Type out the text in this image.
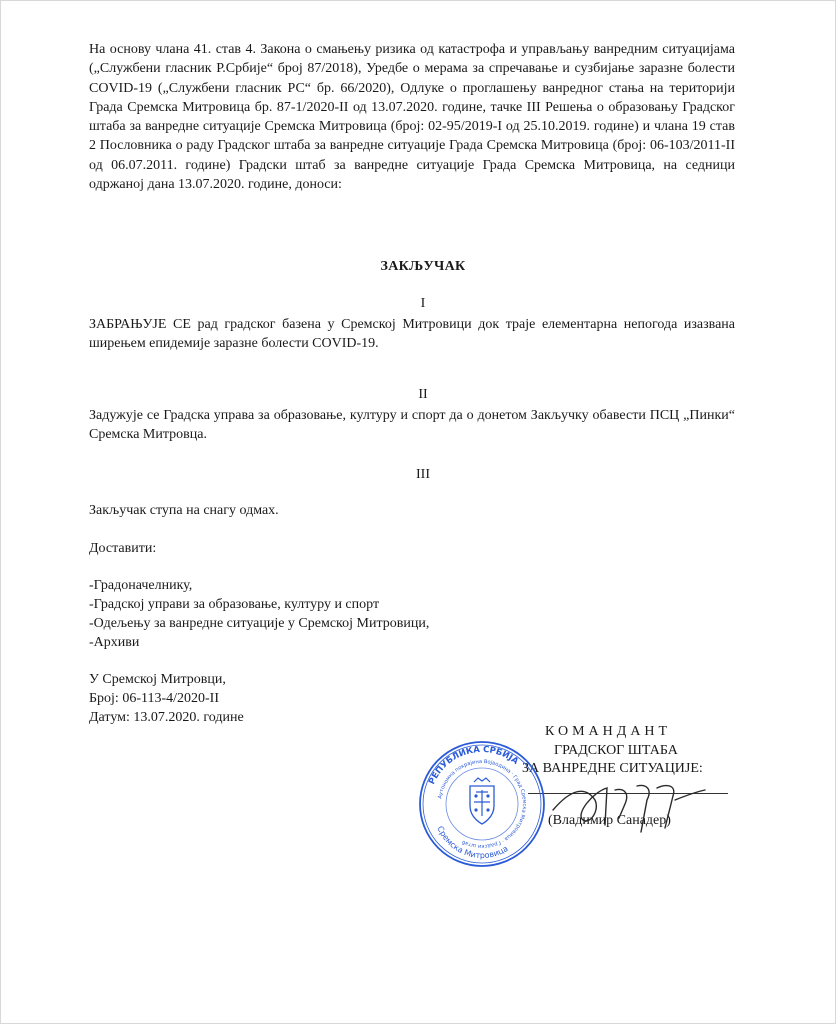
На основу члана 41. став 4. Закона о смањењу ризика од катастрофа и управљању ванредним ситуацијама („Службени гласник Р.Србије“ број 87/2018), Уредбе о мерама за спречавање и сузбијање заразне болести COVID-19 („Службени гласник РС“ бр. 66/2020), Одлуке о проглашењу ванредног стања на територији Града Сремска Митровица бр. 87-1/2020-II од 13.07.2020. године, тачке III Решења о образовању Градског штаба за ванредне ситуације Сремска Митровица (број: 02-95/2019-I од 25.10.2019. године) и члана 19 став 2 Пословника о раду Градског штаба за ванредне ситуације Града Сремска Митровица (број: 06-103/2011-II од 06.07.2011. године) Градски штаб за ванредне ситуације Града Сремска Митровица, на седници одржаној дана 13.07.2020. године, доноси:
ЗАКЉУЧАК
I
ЗАБРАЊУЈЕ СЕ рад градског базена у Сремској Митровици док траје елементарна непогода изазвана ширењем епидемије заразне болести COVID-19.
II
Задужује се Градска управа за образовање, културу и спорт да о донетом Закључку обавести ПСЦ „Пинки“ Сремска Митровца.
III
Закључак ступа на снагу одмах.
Доставити:
-Градоначелнику,
-Градској управи за образовање, културу и спорт
-Одељењу за ванредне ситуације у Сремској Митровици,
-Архиви
У Сремској Митровци,
Број: 06-113-4/2020-II
Датум: 13.07.2020. године
КОМАНДАНТ
ГРАДСКОГ ШТАБА
ЗА ВАНРЕДНЕ СИТУАЦИЈЕ:
(Владимир Санадер)
РЕПУБЛИКА СРБИЈА
Аутономна покрајина Војводина · Град Сремска Митровица · Градски штаб
Сремска Митровица
